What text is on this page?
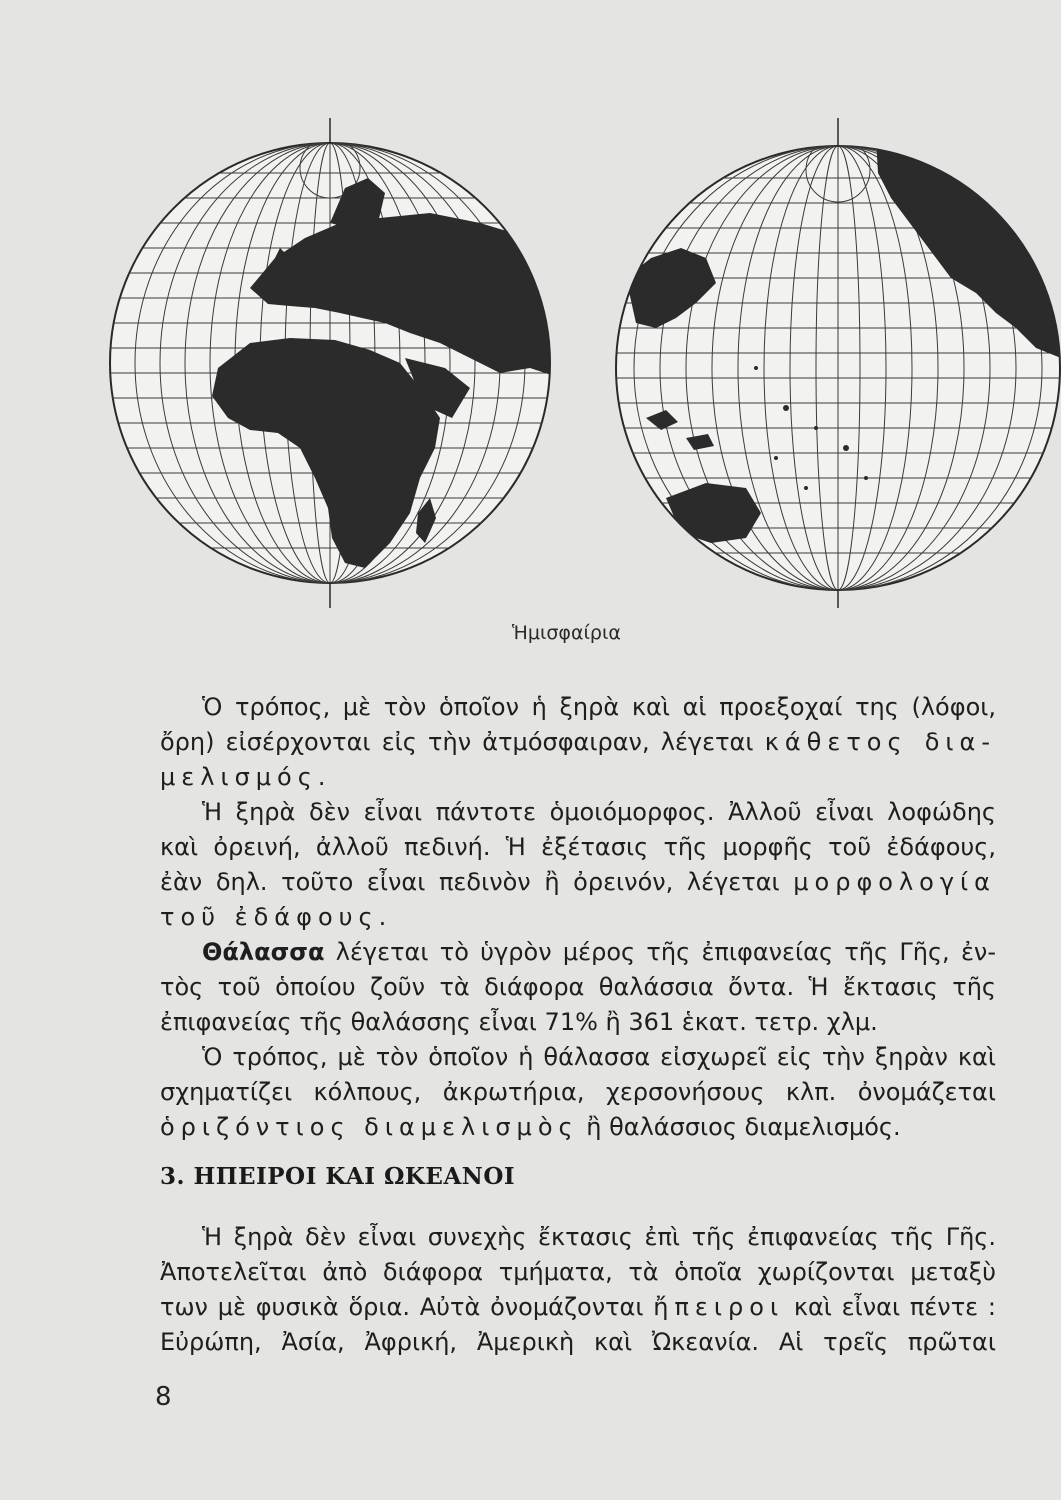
Ἡμισφαίρια
Ὁ τρόπος, μὲ τὸν ὁποῖον ἡ ξηρὰ καὶ αἱ προεξοχαί της (λόφοι,
ὄρη) εἰσέρχονται εἰς τὴν ἀτμόσφαιραν, λέγεται κάθετος δια-
μελισμός.
Ἡ ξηρὰ δὲν εἶναι πάντοτε ὁμοιόμορφος. Ἀλλοῦ εἶναι λοφώδης
καὶ ὀρεινή, ἀλλοῦ πεδινή. Ἡ ἐξέτασις τῆς μορφῆς τοῦ ἐδάφους,
ἐὰν δηλ. τοῦτο εἶναι πεδινὸν ἢ ὀρεινόν, λέγεται μορφολογία
τοῦ ἐδάφους.
Θάλασσα λέγεται τὸ ὑγρὸν μέρος τῆς ἐπιφανείας τῆς Γῆς, ἐν-
τὸς τοῦ ὁποίου ζοῦν τὰ διάφορα θαλάσσια ὄντα. Ἡ ἔκτασις τῆς
ἐπιφανείας τῆς θαλάσσης εἶναι 71% ἢ 361 ἑκατ. τετρ. χλμ.
Ὁ τρόπος, μὲ τὸν ὁποῖον ἡ θάλασσα εἰσχωρεῖ εἰς τὴν ξηρὰν καὶ
σχηματίζει κόλπους, ἀκρωτήρια, χερσονήσους κλπ. ὀνομάζεται
ὁριζόντιος διαμελισμὸς ἢ θαλάσσιος διαμελισμός.
3. ΗΠΕΙΡΟΙ ΚΑΙ ΩΚΕΑΝΟΙ
Ἡ ξηρὰ δὲν εἶναι συνεχὴς ἔκτασις ἐπὶ τῆς ἐπιφανείας τῆς Γῆς.
Ἀποτελεῖται ἀπὸ διάφορα τμήματα, τὰ ὁποῖα χωρίζονται μεταξὺ
των μὲ φυσικὰ ὅρια. Αὐτὰ ὀνομάζονται ἤπειροι καὶ εἶναι πέντε :
Εὐρώπη, Ἀσία, Ἀφρική, Ἀμερικὴ καὶ Ὠκεανία. Αἱ τρεῖς πρῶται
8
